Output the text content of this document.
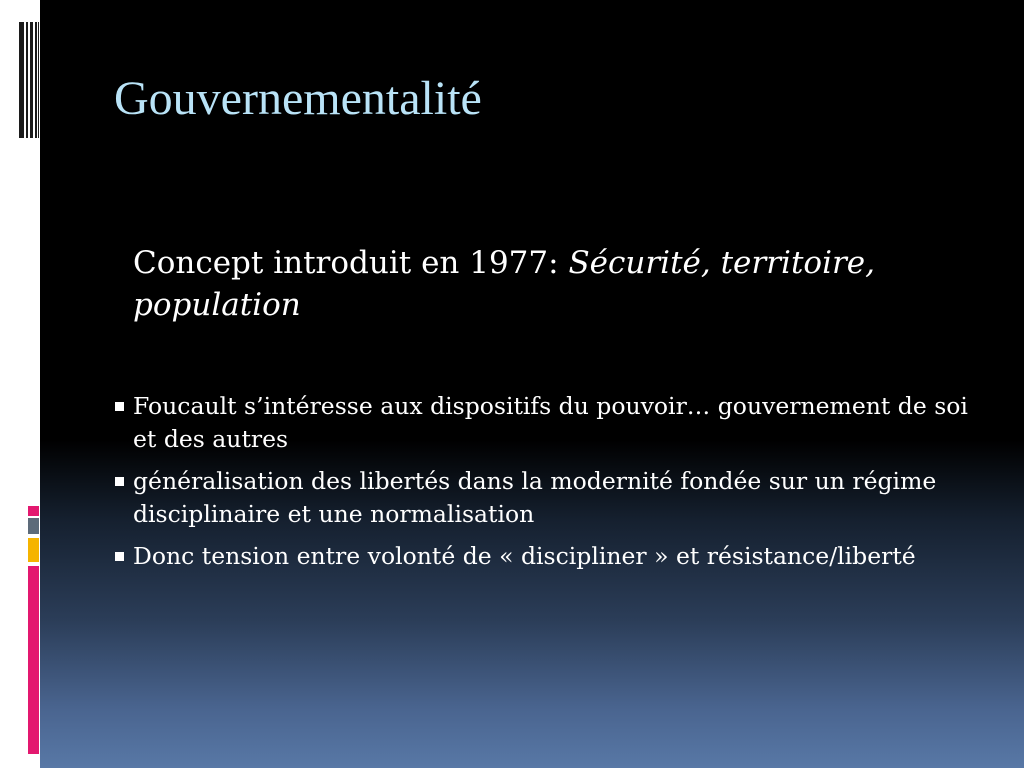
Gouvernementalité

Concept introduit en 1977: Sécurité, territoire, population

Foucault s’intéresse aux dispositifs du pouvoir… gouvernement de soi et des autres
généralisation des libertés dans la modernité fondée sur un régime disciplinaire et une normalisation
Donc tension entre volonté de « discipliner » et résistance/liberté
